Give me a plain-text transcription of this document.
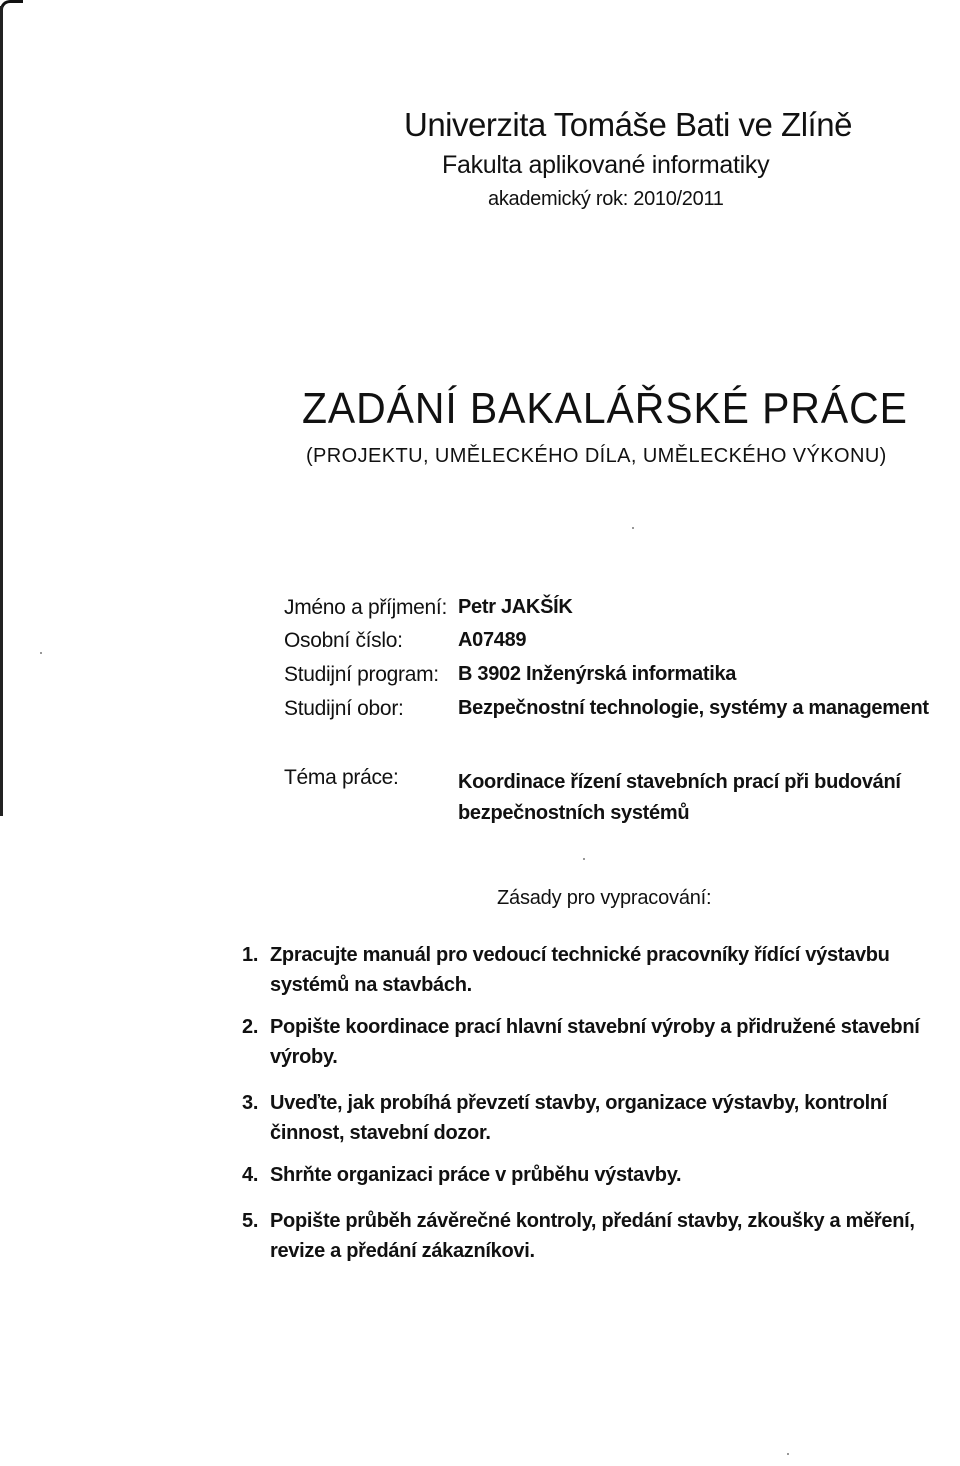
Univerzita Tomáše Bati ve Zlíně
Fakulta aplikované informatiky
akademický rok: 2010/2011
ZADÁNÍ BAKALÁŘSKÉ PRÁCE
(PROJEKTU, UMĚLECKÉHO DÍLA, UMĚLECKÉHO VÝKONU)
Jméno a příjmení: Petr JAKŠÍK
Osobní číslo:	A07489
Studijní program: B 3902 Inženýrská informatika
Studijní obor:	Bezpečnostní technologie, systémy a management
Téma práce:	Koordinace řízení stavebních prací při budování bezpečnostních systémů
Zásady pro vypracování:
1. Zpracujte manuál pro vedoucí technické pracovníky řídící výstavbu systémů na stavbách.
2. Popište koordinace prací hlavní stavební výroby a přidružené stavební výroby.
3. Uveďte, jak probíhá převzetí stavby, organizace výstavby, kontrolní činnost, stavební dozor.
4. Shrňte organizaci práce v průběhu výstavby.
5. Popište průběh závěrečné kontroly, předání stavby, zkoušky a měření, revize a předání zákazníkovi.
